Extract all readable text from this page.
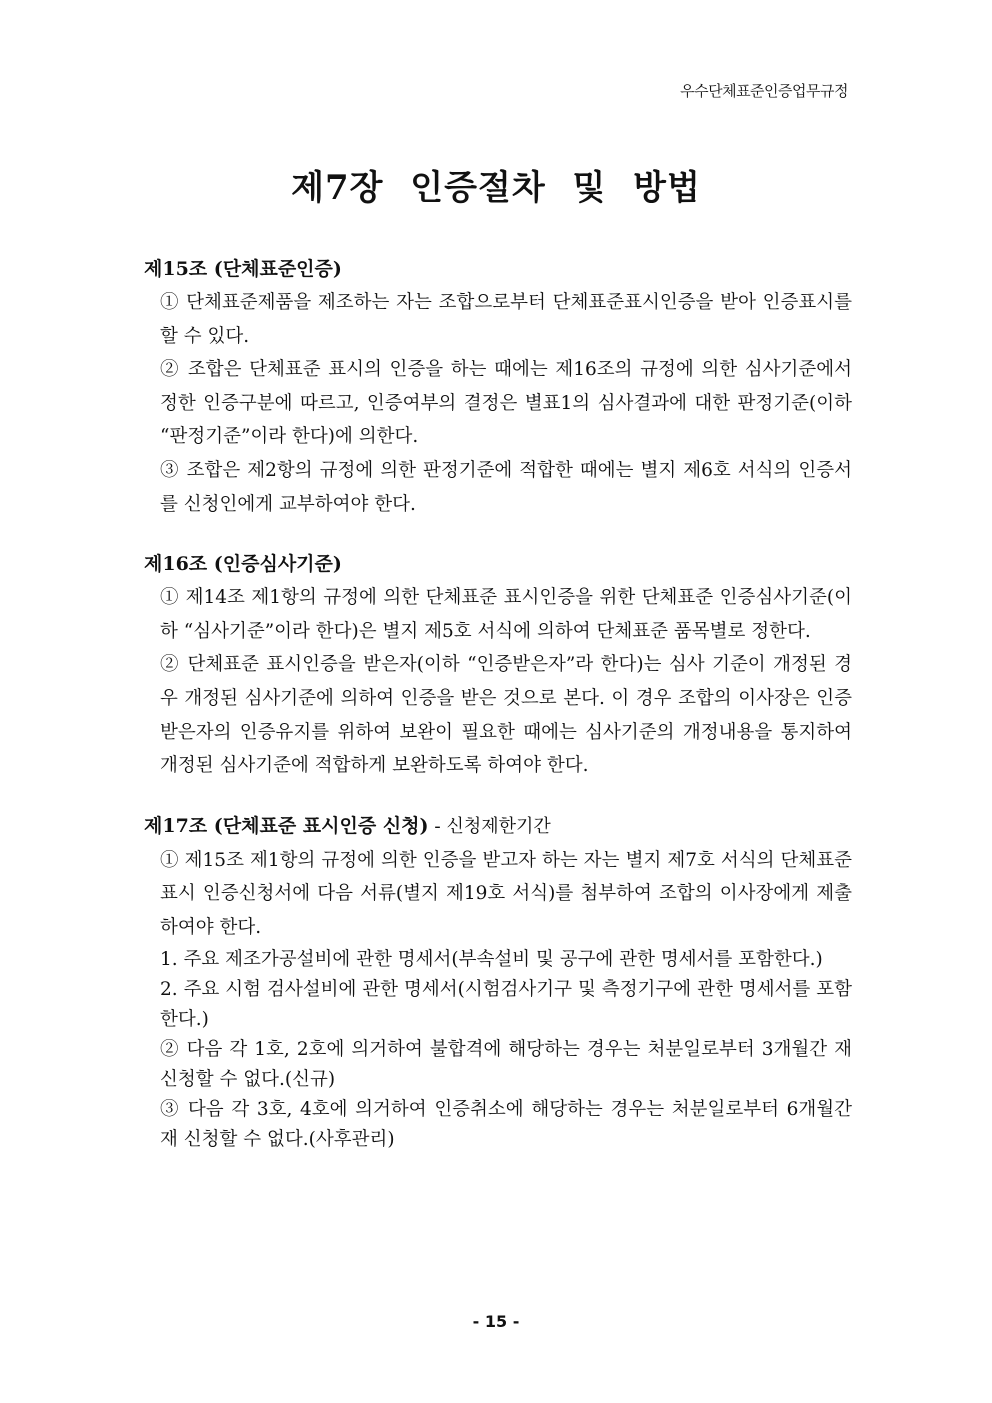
우수단체표준인증업무규정
제7장 인증절차 및 방법
제15조 (단체표준인증)

① 단체표준제품을 제조하는 자는 조합으로부터 단체표준표시인증을 받아 인증표시를 할 수 있다.

② 조합은 단체표준 표시의 인증을 하는 때에는 제16조의 규정에 의한 심사기준에서 정한 인증구분에 따르고, 인증여부의 결정은 별표1의 심사결과에 대한 판정기준(이하 “판정기준”이라 한다)에 의한다.

③ 조합은 제2항의 규정에 의한 판정기준에 적합한 때에는 별지 제6호 서식의 인증서를 신청인에게 교부하여야 한다.

제16조 (인증심사기준)

① 제14조 제1항의 규정에 의한 단체표준 표시인증을 위한 단체표준 인증심사기준(이하 “심사기준”이라 한다)은 별지 제5호 서식에 의하여 단체표준 품목별로 정한다.

② 단체표준 표시인증을 받은자(이하 “인증받은자”라 한다)는 심사 기준이 개정된 경우 개정된 심사기준에 의하여 인증을 받은 것으로 본다. 이 경우 조합의 이사장은 인증받은자의 인증유지를 위하여 보완이 필요한 때에는 심사기준의 개정내용을 통지하여 개정된 심사기준에 적합하게 보완하도록 하여야 한다.

제17조 (단체표준 표시인증 신청) - 신청제한기간

① 제15조 제1항의 규정에 의한 인증을 받고자 하는 자는 별지 제7호 서식의 단체표준표시 인증신청서에 다음 서류(별지 제19호 서식)를 첨부하여 조합의 이사장에게 제출하여야 한다.

1. 주요 제조가공설비에 관한 명세서(부속설비 및 공구에 관한 명세서를 포함한다.)

2. 주요 시험 검사설비에 관한 명세서(시험검사기구 및 측정기구에 관한 명세서를 포함한다.)

② 다음 각 1호, 2호에 의거하여 불합격에 해당하는 경우는 처분일로부터 3개월간 재 신청할 수 없다.(신규)

③ 다음 각 3호, 4호에 의거하여 인증취소에 해당하는 경우는 처분일로부터 6개월간 재 신청할 수 없다.(사후관리)

- 15 -
